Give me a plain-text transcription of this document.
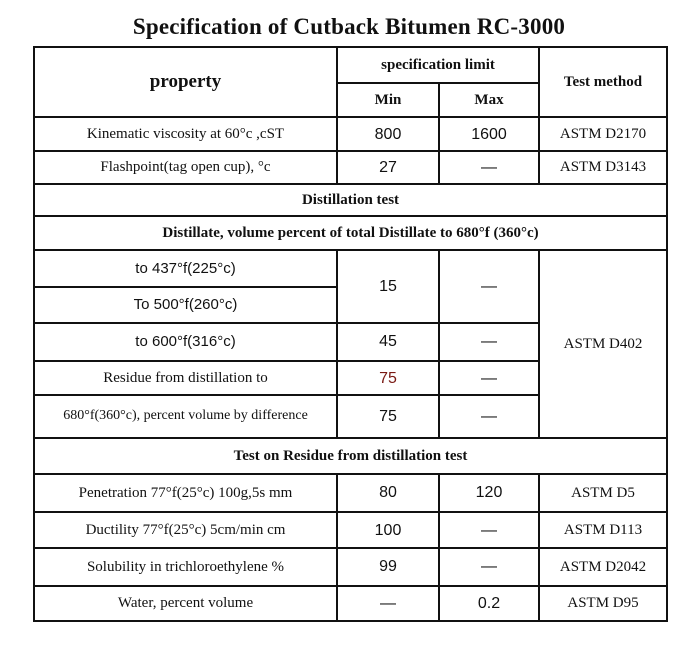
Specification of Cutback Bitumen RC-3000
property	specification limit		Test method
	Min	Max	
Kinematic viscosity at 60°c ,cST	800	1600	ASTM D2170
Flashpoint(tag open cup), °c	27	—	ASTM D3143
Distillation test			
Distillate, volume percent of total Distillate to 680°f (360°c)			
to 437°f(225°c)	15	—	ASTM D402
To 500°f(260°c)			
to 600°f(316°c)	45	—	
Residue from distillation to	75	—	
680°f(360°c), percent volume by difference	75	—	
Test on Residue from distillation test			
Penetration 77°f(25°c) 100g,5s mm	80	120	ASTM D5
Ductility 77°f(25°c) 5cm/min cm	100	—	ASTM D113
Solubility in trichloroethylene %	99	—	ASTM D2042
Water, percent volume	—	0.2	ASTM D95
